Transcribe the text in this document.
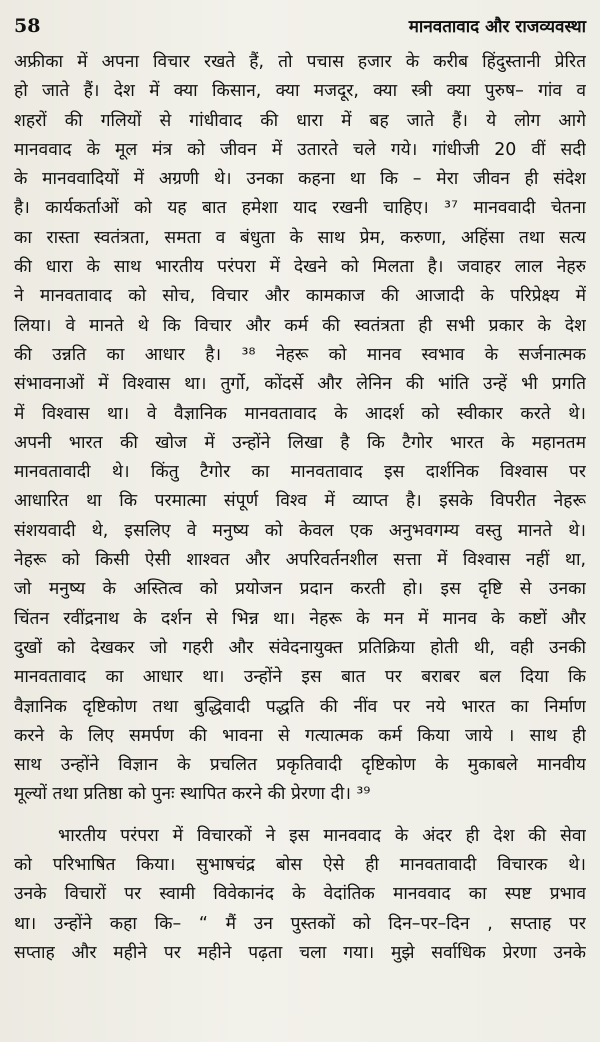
58	मानवतावाद और राजव्यवस्था

अफ्रीका में अपना विचार रखते हैं, तो पचास हजार के करीब हिंदुस्तानी प्रेरित
हो जाते हैं। देश में क्या किसान, क्या मजदूर, क्या स्त्री क्या पुरुष– गांव व
शहरों की गलियों से गांधीवाद की धारा में बह जाते हैं। ये लोग आगे
मानववाद के मूल मंत्र को जीवन में उतारते चले गये। गांधीजी 20 वीं सदी
के मानववादियों में अग्रणी थे। उनका कहना था कि – मेरा जीवन ही संदेश
है। कार्यकर्ताओं को यह बात हमेशा याद रखनी चाहिए। ³⁷ मानववादी चेतना
का रास्ता स्वतंत्रता, समता व बंधुता के साथ प्रेम, करुणा, अहिंसा तथा सत्य
की धारा के साथ भारतीय परंपरा में देखने को मिलता है। जवाहर लाल नेहरु
ने मानवतावाद को सोच, विचार और कामकाज की आजादी के परिप्रेक्ष्य में
लिया। वे मानते थे कि विचार और कर्म की स्वतंत्रता ही सभी प्रकार के देश
की उन्नति का आधार है। ³⁸ नेहरू को मानव स्वभाव के सर्जनात्मक
संभावनाओं में विश्वास था। तुर्गो, कोंदर्से और लेनिन की भांति उन्हें भी प्रगति
में विश्वास था। वे वैज्ञानिक मानवतावाद के आदर्श को स्वीकार करते थे।
अपनी भारत की खोज में उन्होंने लिखा है कि टैगोर भारत के महानतम
मानवतावादी थे। किंतु टैगोर का मानवतावाद इस दार्शनिक विश्वास पर
आधारित था कि परमात्मा संपूर्ण विश्व में व्याप्त है। इसके विपरीत नेहरू
संशयवादी थे, इसलिए वे मनुष्य को केवल एक अनुभवगम्य वस्तु मानते थे।
नेहरू को किसी ऐसी शाश्वत और अपरिवर्तनशील सत्ता में विश्वास नहीं था,
जो मनुष्य के अस्तित्व को प्रयोजन प्रदान करती हो। इस दृष्टि से उनका
चिंतन रवींद्रनाथ के दर्शन से भिन्न था। नेहरू के मन में मानव के कष्टों और
दुखों को देखकर जो गहरी और संवेदनायुक्त प्रतिक्रिया होती थी, वही उनकी
मानवतावाद का आधार था। उन्होंने इस बात पर बराबर बल दिया कि
वैज्ञानिक दृष्टिकोण तथा बुद्धिवादी पद्धति की नींव पर नये भारत का निर्माण
करने के लिए समर्पण की भावना से गत्यात्मक कर्म किया जाये । साथ ही
साथ उन्होंने विज्ञान के प्रचलित प्रकृतिवादी दृष्टिकोण के मुकाबले मानवीय
मूल्यों तथा प्रतिष्ठा को पुनः स्थापित करने की प्रेरणा दी। ³⁹

भारतीय परंपरा में विचारकों ने इस मानववाद के अंदर ही देश की सेवा
को परिभाषित किया। सुभाषचंद्र बोस ऐसे ही मानवतावादी विचारक थे।
उनके विचारों पर स्वामी विवेकानंद के वेदांतिक मानववाद का स्पष्ट प्रभाव
था। उन्होंने कहा कि– “ मैं उन पुस्तकों को दिन–पर–दिन , सप्ताह पर
सप्ताह और महीने पर महीने पढ़ता चला गया। मुझे सर्वाधिक प्रेरणा उनके
